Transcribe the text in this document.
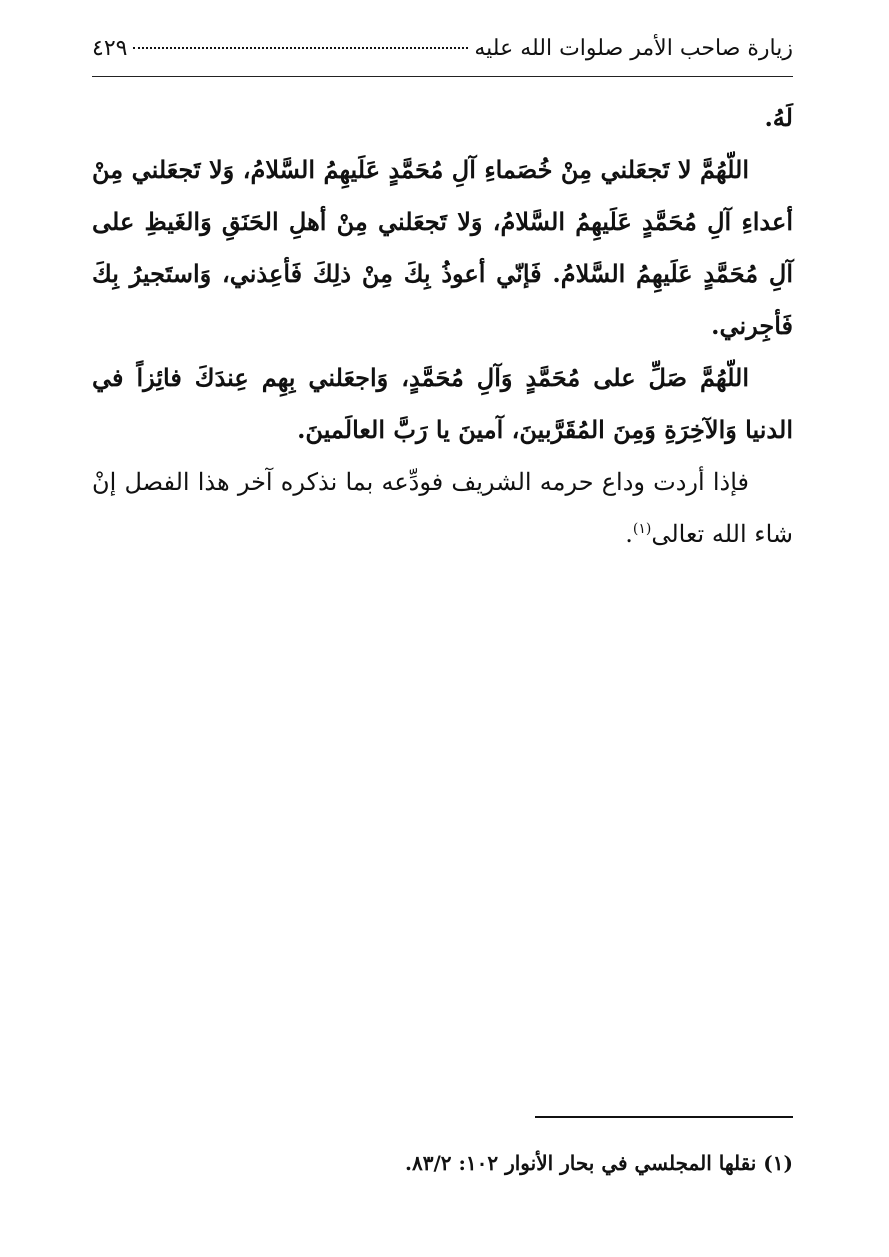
زيارة صاحب الأمر صلوات الله عليه
٤٢٩

لَهُ.

اللّهُمَّ لا تَجعَلني مِنْ خُصَماءِ آلِ مُحَمَّدٍ عَلَيهِمُ السَّلامُ، وَلا تَجعَلني مِنْ أعداءِ آلِ مُحَمَّدٍ عَلَيهِمُ السَّلامُ، وَلا تَجعَلني مِنْ أهلِ الحَنَقِ وَالغَيظِ على آلِ مُحَمَّدٍ عَلَيهِمُ السَّلامُ. فَإنّي أعوذُ بِكَ مِنْ ذلِكَ فَأعِذني، وَاستَجيرُ بِكَ فَأجِرني.

اللّهُمَّ صَلِّ على مُحَمَّدٍ وَآلِ مُحَمَّدٍ، وَاجعَلني بِهِم عِندَكَ فائِزاً في الدنيا وَالآخِرَةِ وَمِنَ المُقَرَّبينَ، آمينَ يا رَبَّ العالَمينَ.

فإذا أردت وداع حرمه الشريف فودِّعه بما نذكره آخر هذا الفصل إنْ شاء الله تعالى$^{(١)}$.

(١) نقلها المجلسي في بحار الأنوار ١٠٢: ٨٣/٢.
